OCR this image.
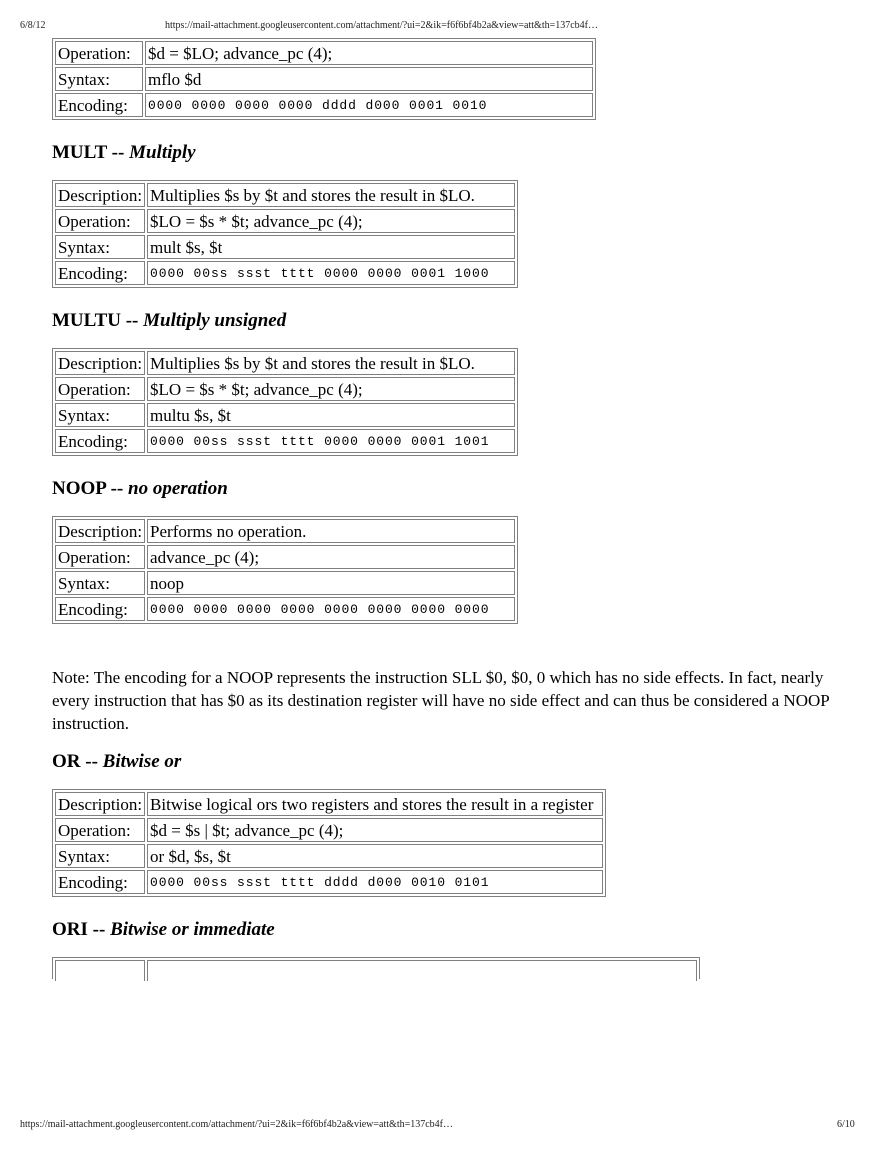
6/8/12	https://mail-attachment.googleusercontent.com/attachment/?ui=2&ik=f6f6bf4b2a&view=att&th=137cb4f…
Operation:	$d = $LO; advance_pc (4);
Syntax:	mflo $d
Encoding:	0000 0000 0000 0000 dddd d000 0001 0010
MULT -- Multiply
Description:	Multiplies $s by $t and stores the result in $LO.
Operation:	$LO = $s * $t; advance_pc (4);
Syntax:	mult $s, $t
Encoding:	0000 00ss ssst tttt 0000 0000 0001 1000
MULTU -- Multiply unsigned
Description:	Multiplies $s by $t and stores the result in $LO.
Operation:	$LO = $s * $t; advance_pc (4);
Syntax:	multu $s, $t
Encoding:	0000 00ss ssst tttt 0000 0000 0001 1001
NOOP -- no operation
Description:	Performs no operation.
Operation:	advance_pc (4);
Syntax:	noop
Encoding:	0000 0000 0000 0000 0000 0000 0000 0000

Note: The encoding for a NOOP represents the instruction SLL $0, $0, 0 which has no side effects. In fact, nearly every instruction that has $0 as its destination register will have no side effect and can thus be considered a NOOP instruction.

OR -- Bitwise or
Description:	Bitwise logical ors two registers and stores the result in a register
Operation:	$d = $s | $t; advance_pc (4);
Syntax:	or $d, $s, $t
Encoding:	0000 00ss ssst tttt dddd d000 0010 0101
ORI -- Bitwise or immediate
https://mail-attachment.googleusercontent.com/attachment/?ui=2&ik=f6f6bf4b2a&view=att&th=137cb4f…	6/10
